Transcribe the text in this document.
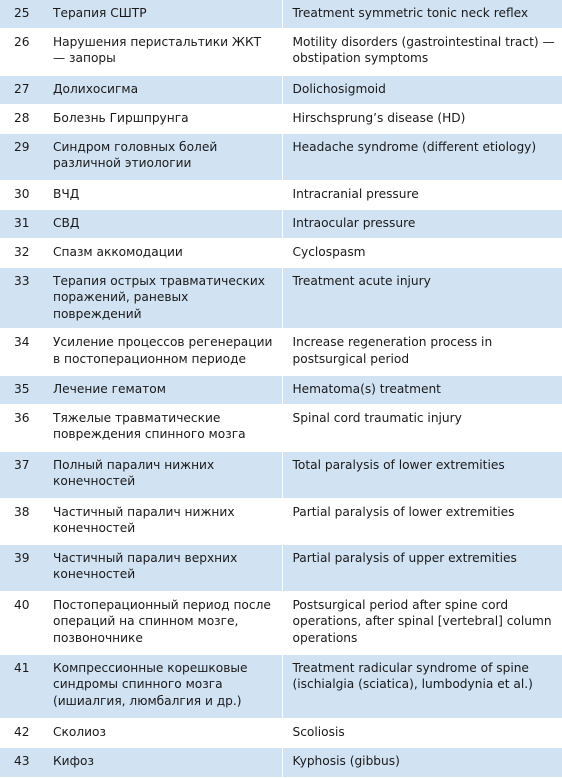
25	Терапия СШТР	Treatment symmetric tonic neck reflex
26	Нарушения перистальтики ЖКТ — запоры	Motility disorders (gastrointestinal tract) — obstipation symptoms
27	Долихосигма	Dolichosigmoid
28	Болезнь Гиршпрунга	Hirschsprung’s disease (HD)
29	Синдром головных болей различной этиологии	Headache syndrome (different etiology)
30	ВЧД	Intracranial pressure
31	СВД	Intraocular pressure
32	Спазм аккомодации	Cyclospasm
33	Терапия острых травматических поражений, раневых повреждений	Treatment acute injury
34	Усиление процессов регенерации в постоперационном периоде	Increase regeneration process in postsurgical period
35	Лечение гематом	Hematoma(s) treatment
36	Тяжелые травматические повреждения спинного мозга	Spinal cord traumatic injury
37	Полный паралич нижних конечностей	Total paralysis of lower extremities
38	Частичный паралич нижних конечностей	Partial paralysis of lower extremities
39	Частичный паралич верхних конечностей	Partial paralysis of upper extremities
40	Постоперационный период после операций на спинном мозге, позвоночнике	Postsurgical period after spine cord operations, after spinal [vertebral] column operations
41	Компрессионные корешковые синдромы спинного мозга (ишиалгия, люмбалгия и др.)	Treatment radicular syndrome of spine (ischialgia (sciatica), lumbodynia et al.)
42	Сколиоз	Scoliosis
43	Кифоз	Kyphosis (gibbus)
